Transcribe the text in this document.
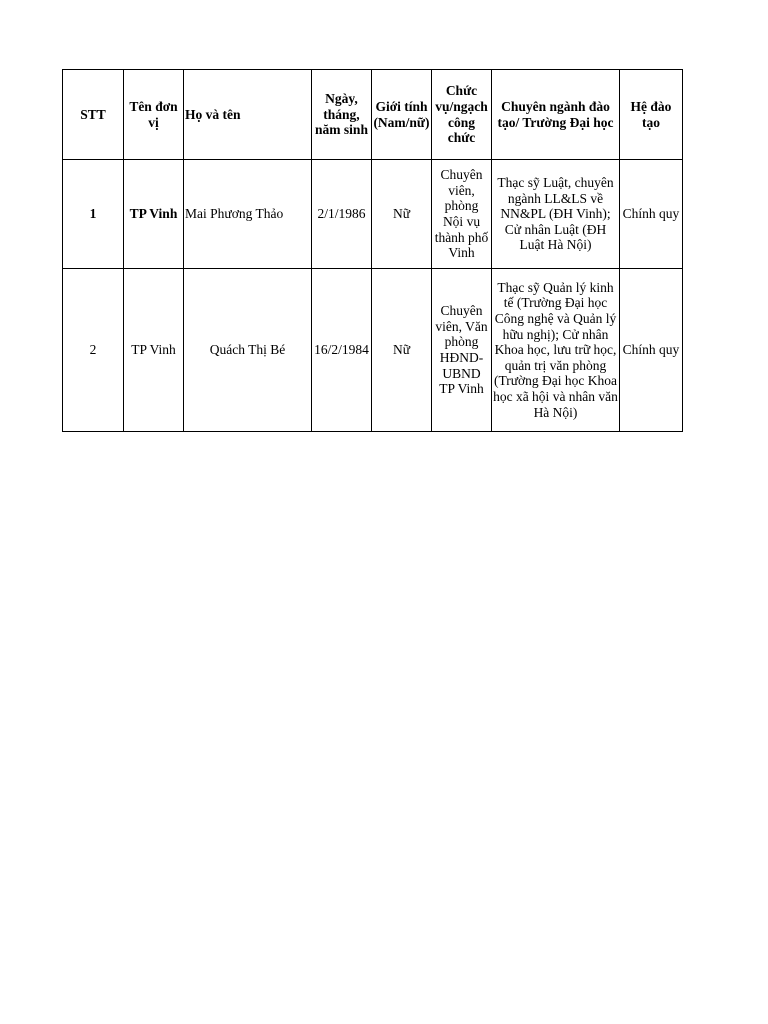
STT	Tên đơn vị	Họ và tên	Ngày, tháng, năm sinh	Giới tính (Nam/nữ)	Chức vụ/ngạch công chức	Chuyên ngành đào tạo/ Trường Đại học	Hệ đào tạo
1	TP Vinh	Mai Phương Thảo	2/1/1986	Nữ	Chuyên viên, phòng Nội vụ thành phố Vinh	Thạc sỹ Luật, chuyên ngành LL&LS về NN&PL (ĐH Vinh); Cử nhân Luật (ĐH Luật Hà Nội)	Chính quy
2	TP Vinh	Quách Thị Bé	16/2/1984	Nữ	Chuyên viên, Văn phòng HĐND-UBND TP Vinh	Thạc sỹ Quản lý kinh tế (Trường Đại học Công nghệ và Quản lý hữu nghị); Cử nhân Khoa học, lưu trữ học, quản trị văn phòng (Trường Đại học Khoa học xã hội và nhân văn Hà Nội)	Chính quy
